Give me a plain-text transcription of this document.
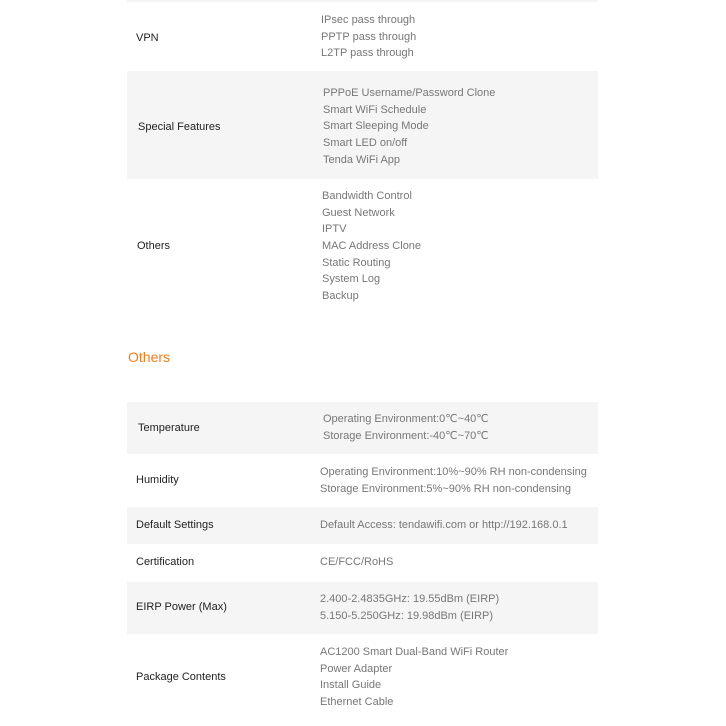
VPN
IPsec pass through
PPTP pass through
L2TP pass through
Special Features
PPPoE Username/Password Clone
Smart WiFi Schedule
Smart Sleeping Mode
Smart LED on/off
Tenda WiFi App
Others
Bandwidth Control
Guest Network
IPTV
MAC Address Clone
Static Routing
System Log
Backup
Others
Temperature
Operating Environment:0℃~40℃
Storage Environment:-40℃~70℃
Humidity
Operating Environment:10%~90% RH non-condensing
Storage Environment:5%~90% RH non-condensing
Default Settings	Default Access: tendawifi.com or http://192.168.0.1
Certification	CE/FCC/RoHS
EIRP Power (Max)
2.400-2.4835GHz: 19.55dBm (EIRP)
5.150-5.250GHz: 19.98dBm (EIRP)
Package Contents
AC1200 Smart Dual-Band WiFi Router
Power Adapter
Install Guide
Ethernet Cable
